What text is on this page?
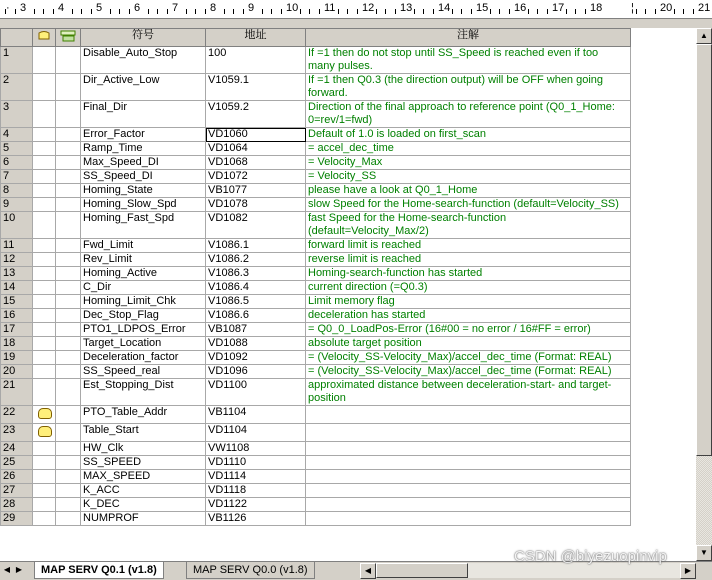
·	¦
3	4	5	6	7	8	9	10 11 12 13 14 15 16 17 18	20 21
			符号	地址	注解
1			Disable_Auto_Stop	100	If =1 then do not stop until SS_Speed is reached even if too many pulses.
2			Dir_Active_Low	V1059.1	If =1 then Q0.3 (the direction output) will be OFF when going forward.
3			Final_Dir	V1059.2	Direction of the final approach to reference point (Q0_1_Home: 0=rev/1=fwd)
4			Error_Factor	VD1060	Default of 1.0 is loaded on first_scan
5			Ramp_Time	VD1064	= accel_dec_time
6			Max_Speed_DI	VD1068	= Velocity_Max
7			SS_Speed_DI	VD1072	= Velocity_SS
8			Homing_State	VB1077	please have a look at Q0_1_Home
9			Homing_Slow_Spd	VD1078	slow Speed for the Home-search-function (default=Velocity_SS)
10			Homing_Fast_Spd	VD1082	fast Speed for the Home-search-function (default=Velocity_Max/2)
11			Fwd_Limit	V1086.1	forward limit is reached
12			Rev_Limit	V1086.2	reverse limit is reached
13			Homing_Active	V1086.3	Homing-search-function has started
14			C_Dir	V1086.4	current direction (=Q0.3)
15			Homing_Limit_Chk	V1086.5	Limit memory flag
16			Dec_Stop_Flag	V1086.6	deceleration has started
17			PTO1_LDPOS_Error	VB1087	= Q0_0_LoadPos-Error (16#00 = no error / 16#FF = error)
18			Target_Location	VD1088	absolute target position
19			Deceleration_factor	VD1092	= (Velocity_SS-Velocity_Max)/accel_dec_time (Format: REAL)
20			SS_Speed_real	VD1096	= (Velocity_SS-Velocity_Max)/accel_dec_time (Format: REAL)
21			Est_Stopping_Dist	VD1100	approximated distance between deceleration-start- and target-position
22			PTO_Table_Addr	VB1104	
23			Table_Start	VD1104	
24			HW_Clk	VW1108	
25			SS_SPEED	VD1110	
26			MAX_SPEED	VD1114	
27			K_ACC	VD1118	
28			K_DEC	VD1122	
29			NUMPROF	VB1126	
▲
▼
◀ ▶	MAP SERV Q0.1 (v1.8)	MAP SERV Q0.0 (v1.8)	◀	▶
CSDN @biyezuopinvip
